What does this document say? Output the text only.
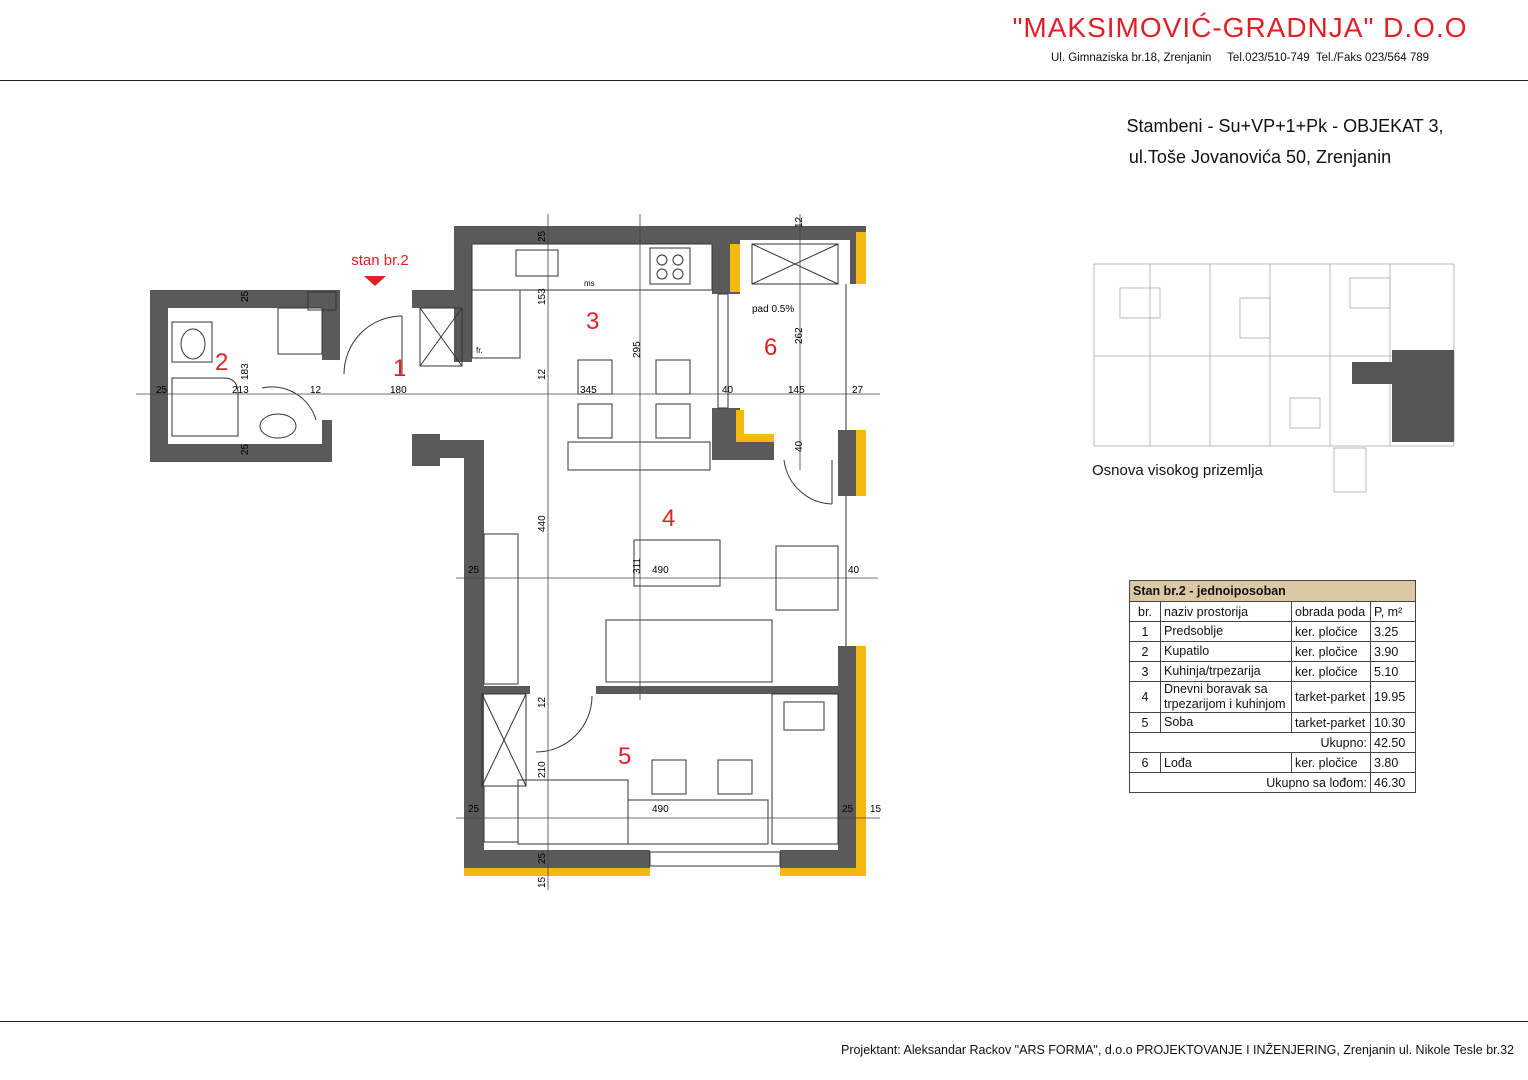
"MAKSIMOVIĆ-GRADNJA" D.O.O
Ul. Gimnaziska br.18, Zrenjanin     Tel.023/510-749  Tel./Faks 023/564 789
Stambeni - Su+VP+1+Pk - OBJEKAT 3,
ul.Toše Jovanovića 50, Zrenjanin
stan br.2
pad 0.5%
1
2
3
4
5
6
ms
fr.
25	213
183
12	180
25
25
25
153
12
345
295
40	145	27
262
12
440
311 490	40
25
40
12
210
490
25	25 15
25
15
Osnova visokog prizemlja
Stan br.2 - jednoiposoban			
br.	naziv prostorija	obrada poda	P, m²
1	Predsoblje	ker. pločice	3.25
2	Kupatilo	ker. pločice	3.90
3	Kuhinja/trpezarija	ker. pločice	5.10
4	Dnevni boravak sa trpezarijom i kuhinjom	tarket-parket	19.95
5	Soba	tarket-parket	10.30
Ukupno:			42.50
6	Lođa	ker. pločice	3.80
Ukupno sa lođom:			46.30
Projektant: Aleksandar Rackov "ARS FORMA", d.o.o PROJEKTOVANJE I INŽENJERING, Zrenjanin ul. Nikole Tesle br.32
